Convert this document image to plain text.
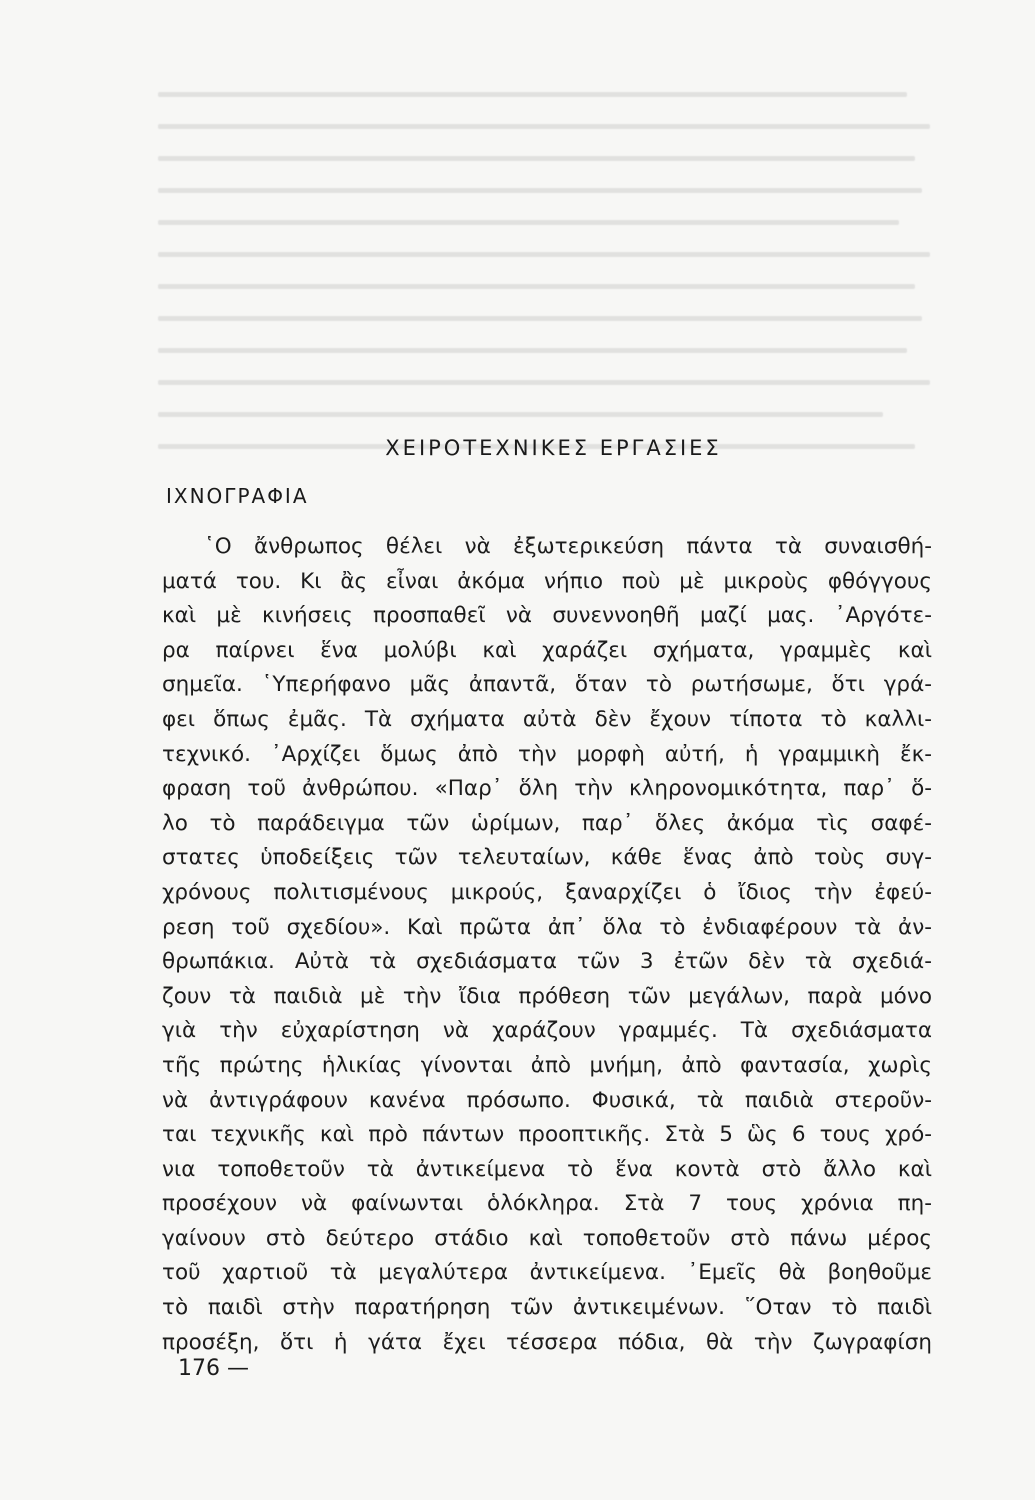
ΧΕΙΡΟΤΕΧΝΙΚΕΣ ΕΡΓΑΣΙΕΣ
ΙΧΝΟΓΡΑΦΙΑ
῾Ο ἄνθρωπος θέλει νὰ ἐξωτερικεύση πάντα τὰ συναισθή-
ματά του. Κι ἂς εἶναι ἀκόμα νήπιο ποὺ μὲ μικροὺς φθόγγους
καὶ μὲ κινήσεις προσπαθεῖ νὰ συνεννοηθῆ μαζί μας. ᾿Αργότε-
ρα παίρνει ἕνα μολύβι καὶ χαράζει σχήματα, γραμμὲς καὶ
σημεῖα. ῾Υπερήφανο μᾶς ἀπαντᾶ, ὅταν τὸ ρωτήσωμε, ὅτι γρά-
φει ὅπως ἐμᾶς. Τὰ σχήματα αὐτὰ δὲν ἔχουν τίποτα τὸ καλλι-
τεχνικό. ᾿Αρχίζει ὅμως ἀπὸ τὴν μορφὴ αὐτή, ἡ γραμμικὴ ἔκ-
φραση τοῦ ἀνθρώπου. «Παρ᾿ ὅλη τὴν κληρονομικότητα, παρ᾿ ὅ-
λο τὸ παράδειγμα τῶν ὡρίμων, παρ᾿ ὅλες ἀκόμα τὶς σαφέ-
στατες ὑποδείξεις τῶν τελευταίων, κάθε ἕνας ἀπὸ τοὺς συγ-
χρόνους πολιτισμένους μικρούς, ξαναρχίζει ὁ ἴδιος τὴν ἐφεύ-
ρεση τοῦ σχεδίου». Καὶ πρῶτα ἀπ᾿ ὅλα τὸ ἐνδιαφέρουν τὰ ἀν-
θρωπάκια. Αὐτὰ τὰ σχεδιάσματα τῶν 3 ἐτῶν δὲν τὰ σχεδιά-
ζουν τὰ παιδιὰ μὲ τὴν ἴδια πρόθεση τῶν μεγάλων, παρὰ μόνο
γιὰ τὴν εὐχαρίστηση νὰ χαράζουν γραμμές. Τὰ σχεδιάσματα
τῆς πρώτης ἡλικίας γίνονται ἀπὸ μνήμη, ἀπὸ φαντασία, χωρὶς
νὰ ἀντιγράφουν κανένα πρόσωπο. Φυσικά, τὰ παιδιὰ στεροῦν-
ται τεχνικῆς καὶ πρὸ πάντων προοπτικῆς. Στὰ 5 ὣς 6 τους χρό-
νια τοποθετοῦν τὰ ἀντικείμενα τὸ ἕνα κοντὰ στὸ ἄλλο καὶ
προσέχουν νὰ φαίνωνται ὁλόκληρα. Στὰ 7 τους χρόνια πη-
γαίνουν στὸ δεύτερο στάδιο καὶ τοποθετοῦν στὸ πάνω μέρος
τοῦ χαρτιοῦ τὰ μεγαλύτερα ἀντικείμενα. ᾿Εμεῖς θὰ βοηθοῦμε
τὸ παιδὶ στὴν παρατήρηση τῶν ἀντικειμένων. ῞Οταν τὸ παιδὶ
προσέξη, ὅτι ἡ γάτα ἔχει τέσσερα πόδια, θὰ τὴν ζωγραφίση
176 —
